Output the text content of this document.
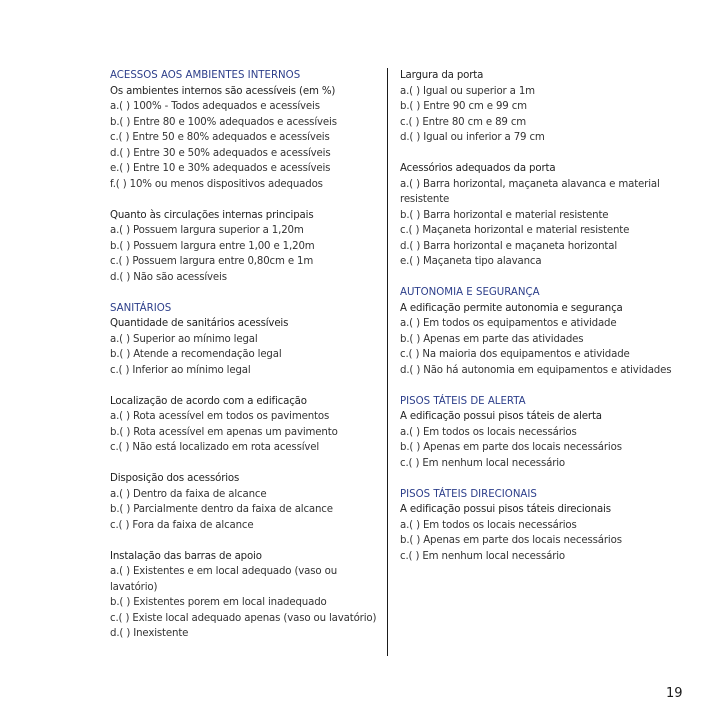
ACESSOS AOS AMBIENTES INTERNOS
Os ambientes internos são acessíveis (em %)
a.( ) 100% - Todos adequados e acessíveis
b.( ) Entre 80 e 100% adequados e acessíveis
c.( ) Entre 50 e 80% adequados e acessíveis
d.( ) Entre 30 e 50% adequados e acessíveis
e.( ) Entre 10 e 30% adequados e acessíveis
f.( ) 10% ou menos dispositivos adequados
Quanto às circulações internas principais
a.( ) Possuem largura superior a 1,20m
b.( ) Possuem largura entre 1,00 e 1,20m
c.( ) Possuem largura entre 0,80cm e 1m
d.( ) Não são acessíveis
SANITÁRIOS
Quantidade de sanitários acessíveis
a.( ) Superior ao mínimo legal
b.( ) Atende a recomendação legal
c.( ) Inferior ao mínimo legal
Localização de acordo com a edificação
a.( ) Rota acessível em todos os pavimentos
b.( ) Rota acessível em apenas um pavimento
c.( ) Não está localizado em rota acessível
Disposição dos acessórios
a.( ) Dentro da faixa de alcance
b.( ) Parcialmente dentro da faixa de alcance
c.( ) Fora da faixa de alcance
Instalação das barras de apoio
a.( ) Existentes e em local adequado (vaso ou lavatório)
b.( ) Existentes porem em local inadequado
c.( ) Existe local adequado apenas (vaso ou lavatório)
d.( ) Inexistente
Largura da porta
a.( ) Igual ou superior a 1m
b.( ) Entre 90 cm e 99 cm
c.( ) Entre 80 cm e 89 cm
d.( ) Igual ou inferior a 79 cm
Acessórios adequados da porta
a.( ) Barra horizontal, maçaneta alavanca e material resistente
b.( ) Barra horizontal e material resistente
c.( ) Maçaneta horizontal e material resistente
d.( ) Barra horizontal e maçaneta horizontal
e.( ) Maçaneta tipo alavanca
AUTONOMIA E SEGURANÇA
A edificação permite autonomia e segurança
a.( ) Em todos os equipamentos e atividade
b.( ) Apenas em parte das atividades
c.( ) Na maioria dos equipamentos e atividade
d.( ) Não há autonomia em equipamentos e atividades
PISOS TÁTEIS DE ALERTA
A edificação possui pisos táteis de alerta
a.( ) Em todos os locais necessários
b.( ) Apenas em parte dos locais necessários
c.( ) Em nenhum local necessário
PISOS TÁTEIS DIRECIONAIS
A edificação possui pisos táteis direcionais
a.( ) Em todos os locais necessários
b.( ) Apenas em parte dos locais necessários
c.( ) Em nenhum local necessário
19
